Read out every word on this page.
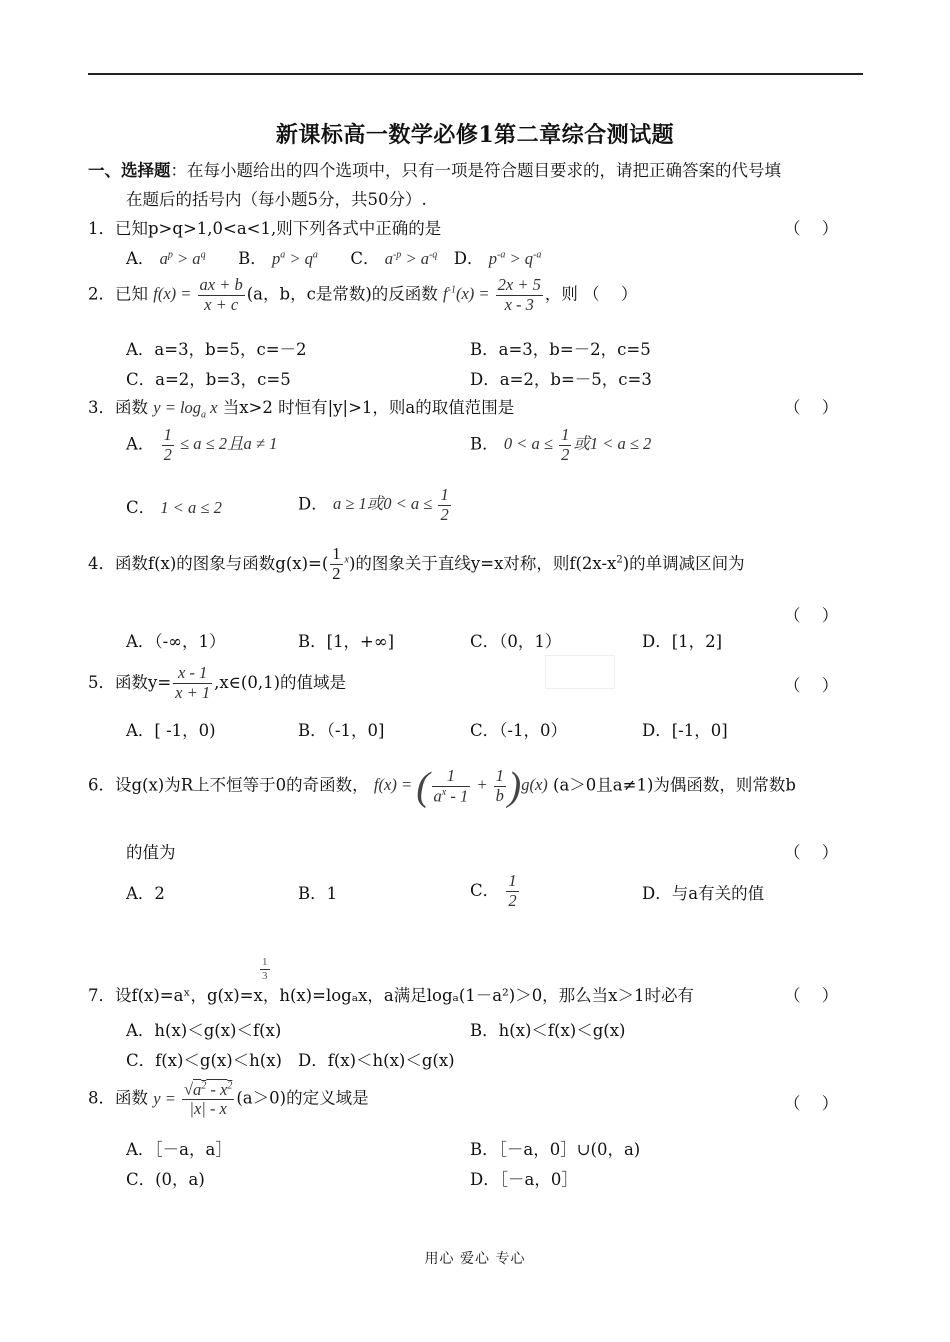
新课标高一数学必修1第二章综合测试题
一、选择题：在每小题给出的四个选项中，只有一项是符合题目要求的，请把正确答案的代号填
在题后的括号内（每小题5分，共50分）.
1．已知p>q>1,0<a<1,则下列各式中正确的是	（ ）
A． $a^p > a^q$ B． $p^a > q^a$ C． $a^{-p} > a^{-q}$ D． $p^{-a} > q^{-a}$
2．已知 $f(x) = \frac{ax + b}{x + c} (a$，b，c是常数)的反函数 $f^{-1}(x) = \frac{2x + 5}{x - 3}$ ，则 （ ）
A．a=3，b=5，c=－2	B．a=3，b=－2，c=5
C．a=2，b=3，c=5	D．a=2，b=－5，c=3
3．函数 $y = \log_a x$ 当x>2 时恒有|y|>1，则a的取值范围是	（ ）
A． $\frac{1}{2} \le a \le 2$且a ≠ 1	B． $0 < a \le \frac{1}{2}$ 或1 < a ≤ 2
C． 1 < a ≤ 2	D． a ≥ 1或$0 < a \le \frac{1}{2}$
4．函数f(x)的图象与函数$g(x)=( \frac{1}{2} ^x)$的图象关于直线y=x对称，则$f(2x-x^2)$的单调减区间为
（ ）
A．（-∞，1）	B．[1，+∞]	C．（0，1）	D．[1，2]
5．函数$y= \frac{x - 1}{x + 1}$ ,x∈(0,1)的值域是	（ ）
A．[ -1，0)	B．（-1，0]	C．（-1，0）	D．[-1，0]
6．设g(x)为R上不恒等于0的奇函数， f(x) = ( $\frac{1}{a^x - 1} + \frac{1}{b} )g(x)$ (a＞0且a≠1)为偶函数，则常数b
的值为	（ ）
A．2	B．1	C． $\frac{1}{2}$	D．与a有关的值
$\frac{1}{3}$
7．设f(x)=aˣ，g(x)=x，h(x)=logₐx，a满足logₐ(1－a²)＞0，那么当x＞1时必有	（ ）
A．h(x)＜g(x)＜f(x)	B．h(x)＜f(x)＜g(x)
C．f(x)＜g(x)＜h(x) D．f(x)＜h(x)＜g(x)
8．函数 $y = \frac{√a^2 - x^2}{|x| - x} (a>0)$的定义域是	（ ）
A．［－a，a］	B．［－a，0］∪(0，a)
C．(0，a)	D．［－a，0］
用心 爱心 专心
